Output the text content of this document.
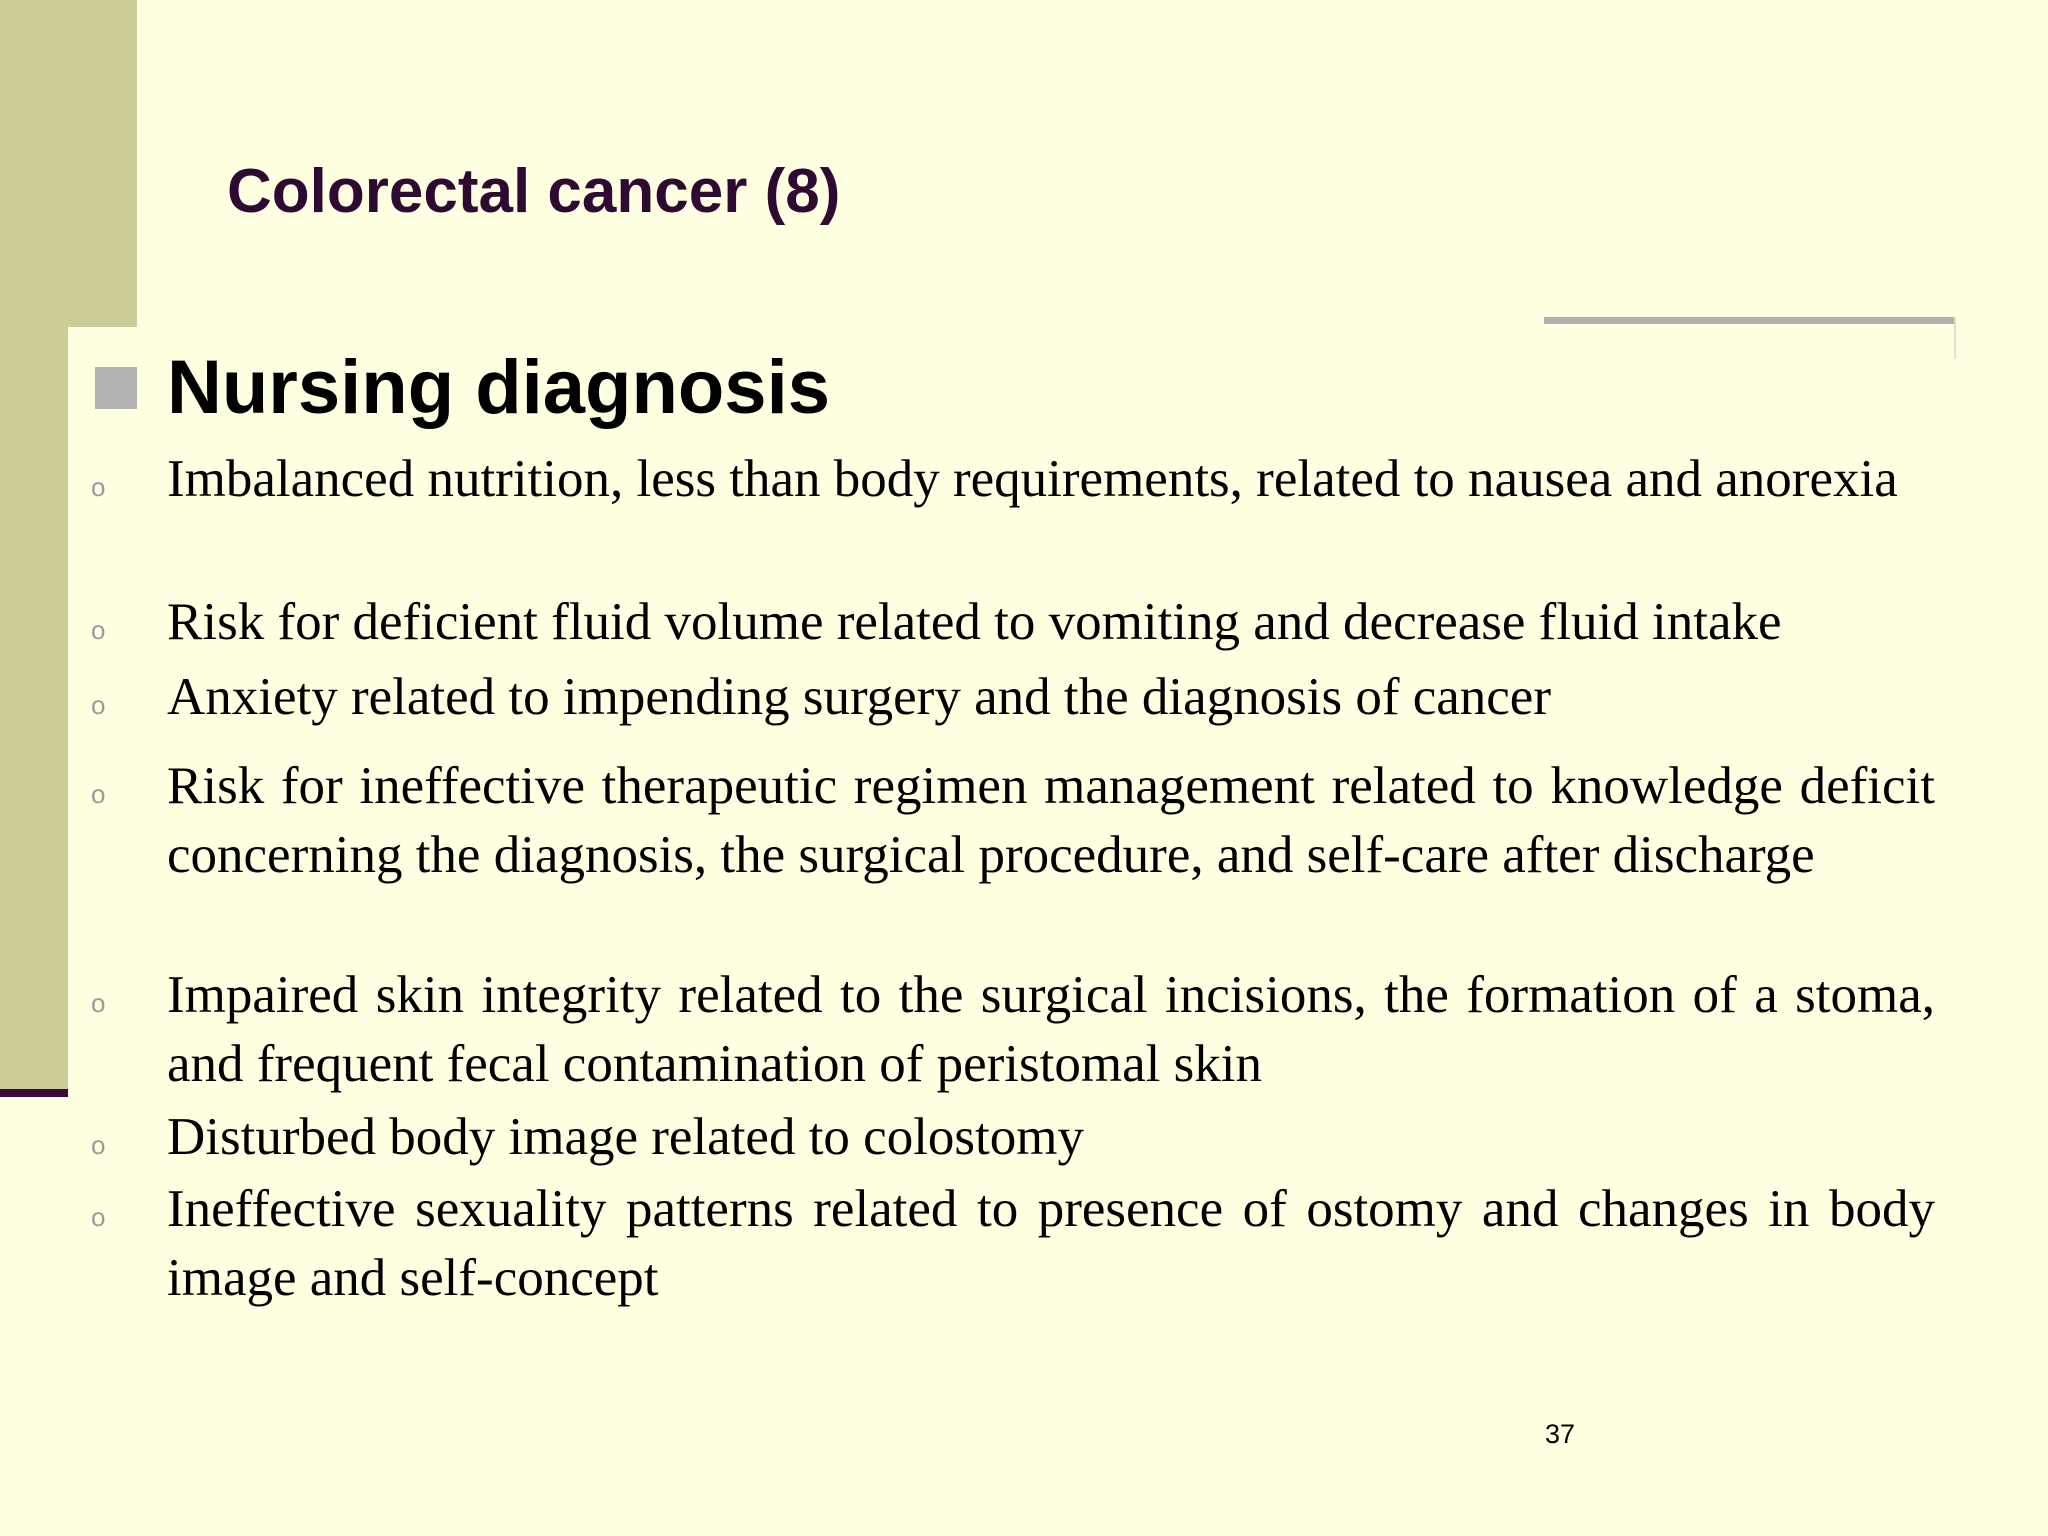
Colorectal cancer (8)
Nursing diagnosis
o Imbalanced nutrition, less than body requirements, related to nausea and anorexia

o Risk for deficient fluid volume related to vomiting and decrease fluid intake

o Anxiety related to impending surgery and the diagnosis of cancer

o Risk for ineffective therapeutic regimen management related to knowledge deficit concerning the diagnosis, the surgical procedure, and self-care after discharge

o Impaired skin integrity related to the surgical incisions, the formation of a stoma, and frequent fecal contamination of peristomal skin

o Disturbed body image related to colostomy

o Ineffective sexuality patterns related to presence of ostomy and changes in body image and self-concept

37
